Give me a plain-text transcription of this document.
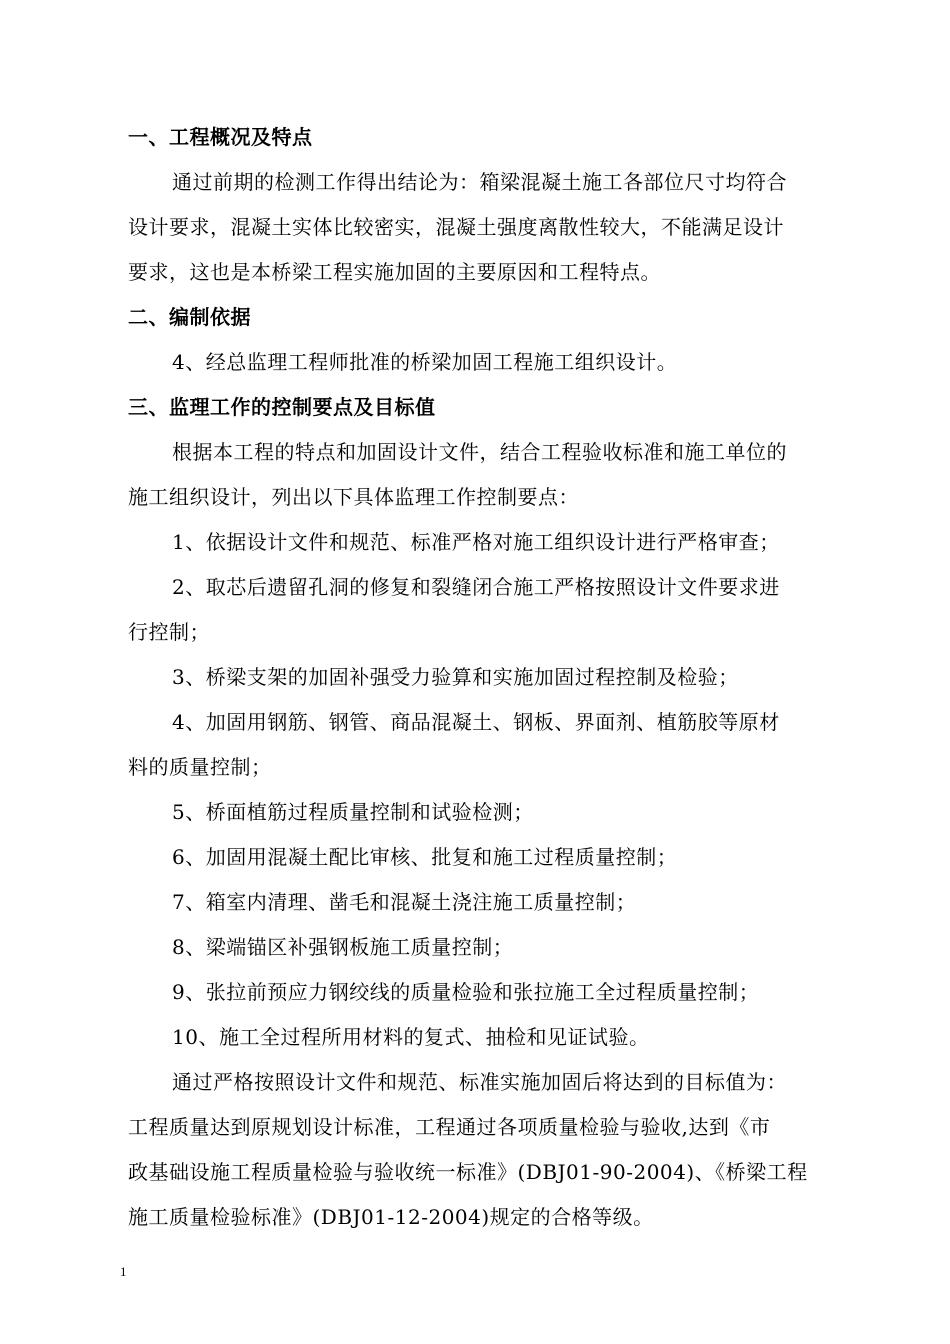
一、工程概况及特点
通过前期的检测工作得出结论为：箱梁混凝土施工各部位尺寸均符合
设计要求，混凝土实体比较密实，混凝土强度离散性较大，不能满足设计
要求，这也是本桥梁工程实施加固的主要原因和工程特点。
二、编制依据
4、经总监理工程师批准的桥梁加固工程施工组织设计。
三、监理工作的控制要点及目标值
根据本工程的特点和加固设计文件，结合工程验收标准和施工单位的
施工组织设计，列出以下具体监理工作控制要点：
1、依据设计文件和规范、标准严格对施工组织设计进行严格审查；
2、取芯后遗留孔洞的修复和裂缝闭合施工严格按照设计文件要求进
行控制；
3、桥梁支架的加固补强受力验算和实施加固过程控制及检验；
4、加固用钢筋、钢管、商品混凝土、钢板、界面剂、植筋胶等原材
料的质量控制；
5、桥面植筋过程质量控制和试验检测；
6、加固用混凝土配比审核、批复和施工过程质量控制；
7、箱室内清理、凿毛和混凝土浇注施工质量控制；
8、梁端锚区补强钢板施工质量控制；
9、张拉前预应力钢绞线的质量检验和张拉施工全过程质量控制；
10、施工全过程所用材料的复式、抽检和见证试验。
通过严格按照设计文件和规范、标准实施加固后将达到的目标值为：
工程质量达到原规划设计标准，工程通过各项质量检验与验收,达到《市
政基础设施工程质量检验与验收统一标准》(DBJ01-90-2004)、《桥梁工程
施工质量检验标准》(DBJ01-12-2004)规定的合格等级。
1
